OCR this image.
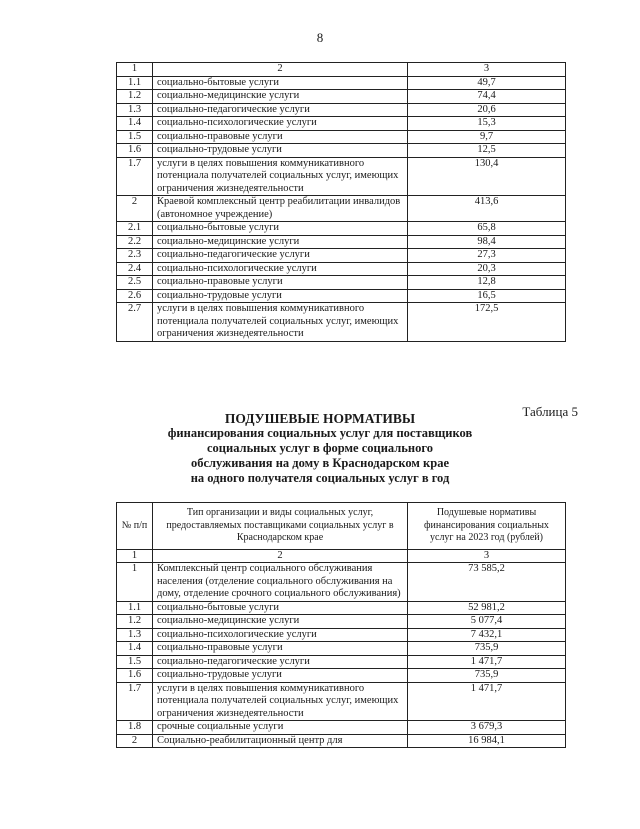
8
1	2	3
1.1	социально-бытовые услуги	49,7
1.2	социально-медицинские услуги	74,4
1.3	социально-педагогические услуги	20,6
1.4	социально-психологические услуги	15,3
1.5	социально-правовые услуги	9,7
1.6	социально-трудовые услуги	12,5
1.7	услуги в целях повышения коммуникативного потенциала получателей социальных услуг, имеющих ограничения жизнедеятельности	130,4
2	Краевой комплексный центр реабилитации инвалидов (автономное учреждение)	413,6
2.1	социально-бытовые услуги	65,8
2.2	социально-медицинские услуги	98,4
2.3	социально-педагогические услуги	27,3
2.4	социально-психологические услуги	20,3
2.5	социально-правовые услуги	12,8
2.6	социально-трудовые услуги	16,5
2.7	услуги в целях повышения коммуникативного потенциала получателей социальных услуг, имеющих ограничения жизнедеятельности	172,5
Таблица 5
ПОДУШЕВЫЕ НОРМАТИВЫ
финансирования социальных услуг для поставщиков
социальных услуг в форме социального
обслуживания на дому в Краснодарском крае
на одного получателя социальных услуг в год
№ п/п	Тип организации и виды социальных услуг, предоставляемых поставщиками социальных услуг в Краснодарском крае	Подушевые нормативы финансирования социальных услуг на 2023 год (рублей)
1	2	3
1	Комплексный центр социального обслуживания населения (отделение социального обслуживания на дому, отделение срочного социального обслуживания)	73 585,2
1.1	социально-бытовые услуги	52 981,2
1.2	социально-медицинские услуги	5 077,4
1.3	социально-психологические услуги	7 432,1
1.4	социально-правовые услуги	735,9
1.5	социально-педагогические услуги	1 471,7
1.6	социально-трудовые услуги	735,9
1.7	услуги в целях повышения коммуникативного потенциала получателей социальных услуг, имеющих ограничения жизнедеятельности	1 471,7
1.8	срочные социальные услуги	3 679,3
2	Социально-реабилитационный центр для	16 984,1
